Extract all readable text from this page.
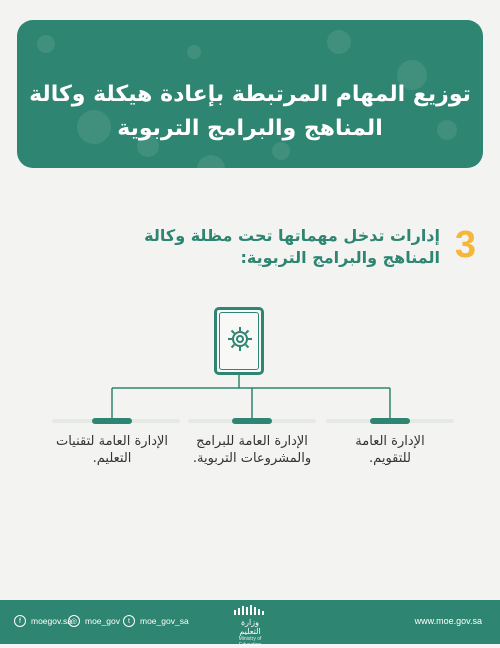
توزيع المهام المرتبطة بإعادة هيكلة وكالة
المناهج والبرامج التربوية
3
إدارات تدخل مهماتها تحت مظلة وكالة
المناهج والبرامج التربوية:
الإدارة العامة لتقنيات
التعليم.
الإدارة العامة للبرامج
والمشروعات التربوية.
الإدارة العامة
للتقويم.
f	moegov.sa
◎ moe_gov	t	moe_gov_sa	وزارة التعليم
Ministry of Education
www.moe.gov.sa
